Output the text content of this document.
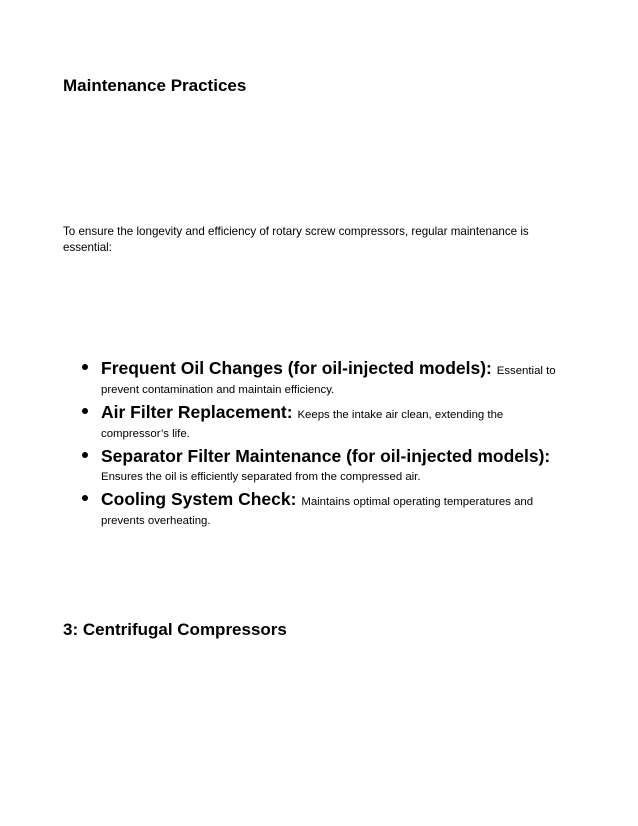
Maintenance Practices

To ensure the longevity and efficiency of rotary screw compressors, regular maintenance is essential:

Frequent Oil Changes (for oil-injected models): Essential to prevent contamination and maintain efficiency.
Air Filter Replacement: Keeps the intake air clean, extending the compressor’s life.
Separator Filter Maintenance (for oil-injected models): Ensures the oil is efficiently separated from the compressed air.
Cooling System Check: Maintains optimal operating temperatures and prevents overheating.
3: Centrifugal Compressors
